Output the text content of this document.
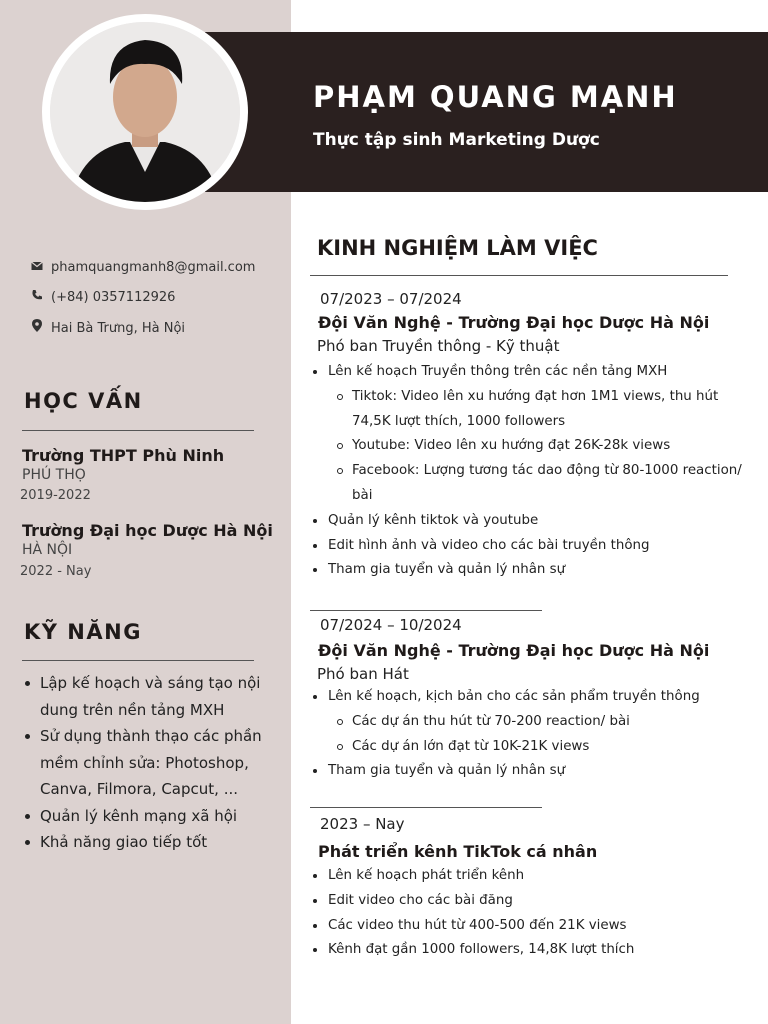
PHẠM QUANG MẠNH

Thực tập sinh Marketing Dược

phamquangmanh8@gmail.com
(+84) 0357112926
Hai Bà Trưng, Hà Nội
HỌC VẤN
Trường THPT Phù Ninh

PHÚ THỌ

2019-2022

Trường Đại học Dược Hà Nội

HÀ NỘI

2022 - Nay

KỸ NĂNG
Lập kế hoạch và sáng tạo nội dung trên nền tảng MXH
Sử dụng thành thạo các phần mềm chỉnh sửa: Photoshop, Canva, Filmora, Capcut, ...
Quản lý kênh mạng xã hội
Khả năng giao tiếp tốt
KINH NGHIỆM LÀM VIỆC

07/2023 – 07/2024

Đội Văn Nghệ - Trường Đại học Dược Hà Nội

Phó ban Truyền thông - Kỹ thuật

Lên kế hoạch Truyền thông trên các nền tảng MXH
Tiktok: Video lên xu hướng đạt hơn 1M1 views, thu hút 74,5K lượt thích, 1000 followers
Youtube: Video lên xu hướng đạt 26K-28k views
Facebook: Lượng tương tác dao động từ 80-1000 reaction/ bài
Quản lý kênh tiktok và youtube
Edit hình ảnh và video cho các bài truyền thông
Tham gia tuyển và quản lý nhân sự

07/2024 – 10/2024

Đội Văn Nghệ - Trường Đại học Dược Hà Nội

Phó ban Hát

Lên kế hoạch, kịch bản cho các sản phẩm truyền thông
Các dự án thu hút từ 70-200 reaction/ bài
Các dự án lớn đạt từ 10K-21K views
Tham gia tuyển và quản lý nhân sự

2023 – Nay

Phát triển kênh TikTok cá nhân
Lên kế hoạch phát triển kênh
Edit video cho các bài đăng
Các video thu hút từ 400-500 đến 21K views
Kênh đạt gần 1000 followers, 14,8K lượt thích
